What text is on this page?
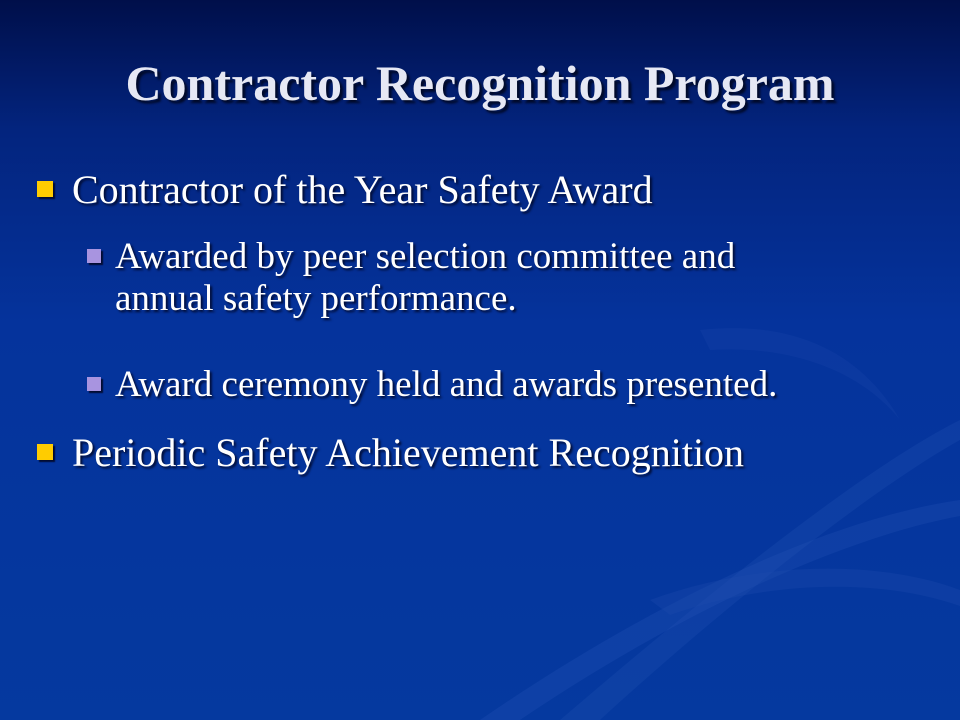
Contractor Recognition Program
Contractor of the Year Safety Award
Awarded by peer selection committee and
annual safety performance.
Award ceremony held and awards presented.
Periodic Safety Achievement Recognition
